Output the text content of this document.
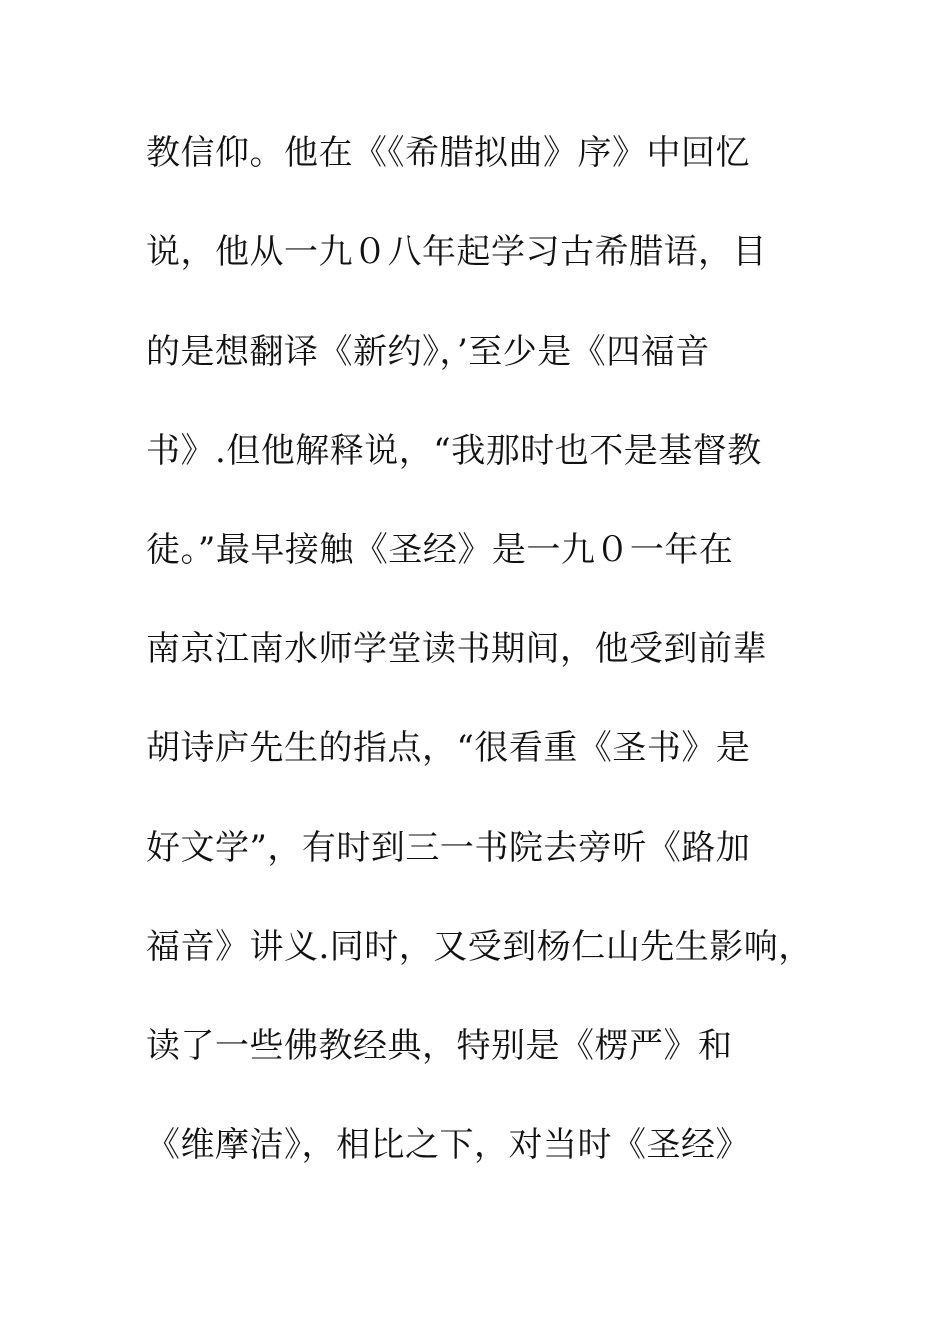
教信仰。他在《《希腊拟曲》序》中回忆
说，他从一九０八年起学习古希腊语，目
的是想翻译《新约》，’至少是《四福音
书》.但他解释说，“我那时也不是基督教
徒。”最早接触《圣经》是一九０一年在
南京江南水师学堂读书期间，他受到前辈
胡诗庐先生的指点，“很看重《圣书》是
好文学”，有时到三一书院去旁听《路加
福音》讲义.同时，又受到杨仁山先生影响，
读了一些佛教经典，特别是《楞严》和
《维摩洁》，相比之下，对当时《圣经》
